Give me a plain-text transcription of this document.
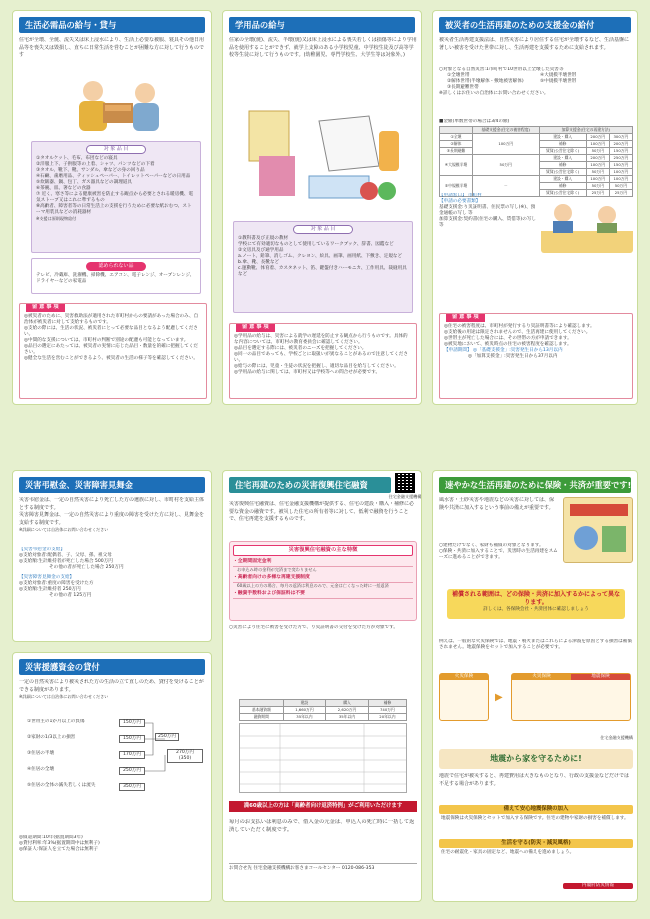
生活必需品の給与・貸与
住宅が全壊、全焼、流失又は床上浸水により、生活上必要な被服、寝具その他日用品等を喪失又は毀損し、直ちに日常生活を営むことが困難な方に対して行うものです
対 象 品 目
①タオルケット、毛布、布団などの寝具
②洋服上下、子供服等の上着、シャツ、パンツなどの下着
③タオル、靴下、靴、サンダル、傘などの身の回り品
④石鹸、歯磨用品、ティッシュペーパー、トイレットペーパーなどの日用品
⑤炊飯器、鍋、包丁、ガス器具などの調理道具
⑥茶碗、皿、箸などの食器
⑦ 近く、寒さ等による健康被害を防止する観点から必要とされる暖房機、電気ストーブ又はこれに準ずるもの
⑧高齢者、障害者等の日常生活上の支援を行うために必要な紙おむつ、ストーマ用装具などの消耗器材
※支援は原則現物給付
認められない品
テレビ、冷蔵庫、洗濯機、掃除機、エアコン、電子レンジ、オーブンレンジ、ドライヤーなどの家電品
留 意 事 項
◎被災者のために、災害救助法が適用された市町村からの要請があった場合のみ、自治体が被災者に対して支給するものです。
◎支給の際には、生活の状況、被災者にとって必要な品目となるよう配慮してください。
◎中間的な支援については、市町村の判断で別途の配慮も可能となっています。
◎品目の選定にあたっては、被災者の実情に応じた品目・数量を的確に把握してください。
◎健全な生活を営むことができるよう、被災者の生活の様子等を確認してください。
学用品の給与
住家の全壊(焼)、流失、半壊(焼)又は床上浸水による喪失若しくは損傷等により学用品を使用することができず、就学上支障のある小学校児童、中学校生徒及び高等学校等生徒に対して行うものです。(幼稚園児、専門学校生、大学生等は対象外。)
対 象 品 目
①教科書及び正規の教材
学校にて有効適切なものとして使用しているワークブック、辞書、図鑑など
②文房具及び通学用品
a.ノート、鉛筆、消しゴム、クレヨン、絵具、画筆、画用紙、下敷き、定規など
b.傘、靴、長靴など
c.運動靴、体育着、カスタネット、笛、鍵盤付きハーモニカ、工作用具、裁縫用具など
留 意 事 項
◎学用品の給与は、災害による就学の遅延を防止する観点から行うものです。具体的な内容については、市町村の教育委員会に確認してください。
◎品目を選定する際には、被災者のニーズを把握してください。
◎同一の品目であっても、学校ごとに取扱いが異なることがあるので注意してください。
◎給与の際には、児童・生徒の状況を把握し、適切な品目を給与してください。
◎学用品の給与に関しては、市町村又は学校等への問合せが必要です。
被災者の生活再建のための支援金の給付
被災者生活再建支援法は、自然災害により居住する住宅が全壊するなど、生活基盤に著しい被害を受けた世帯に対し、生活再建を支援するために支給されます。
○対象となる自然災害:1市町村で10世帯以上全壊した災害等
①全壊世帯	④大規模半壊世帯
②解体世帯(半壊解体・敷地被害解体)	⑤中規模半壊世帯
③長期避難世帯
※詳しくはお住いの自治体にお問い合わせください。
■金額(単数世帯の場合は3/4の額)
	基礎支援金(住宅の被害程度)	加算支援金(住宅の再建方法)		
①全壊	100万円	建設・購入	200万円	300万円
②解体		補修	100万円	200万円
③長期避難		賃貸(公営住宅除く)	50万円	150万円
④大規模半壊	50万円	建設・購入	200万円	250万円
		補修	100万円	150万円
		賃貸(公営住宅除く)	50万円	100万円
⑤中規模半壊	－	建設・購入	100万円	100万円
		補修	50万円	50万円
		賃貸(公営住宅除く)	25万円	25万円
【申請窓口】 市町村
【申請の必要書類】
基礎支援金:り災証明書、住民票の写し(※)、預金通帳の写し 等
加算支援金:契約書(住宅の購入、賃借等)の写し等
留 意 事 項
◎住宅の被害程度は、市町村が発行するり災証明書等により確認します。
◎支給後の用途は限定されませんので、生活再建に使用してください。
◎世帯主が死亡した場合には、その世帯の方が申請できます。
◎被災地において、被災時点の住宅の被害程度を確認します。
【申請期間】 ◎「基礎支援金」:災害発生日から13月以内
◎「加算支援金」:災害発生日から37月以内
災害弔慰金、災害障害見舞金
災害弔慰金は、一定の自然災害により死亡した方の遺族に対し、市町村を支給主体とする制度です。
災害障害見舞金は、一定の自然災害により重度の障害を受けた方に対し、見舞金を支給する制度です。
※詳細については自治体にお問い合わせください
【災害弔慰金の支給】
◎支給対象者:配偶者、子、父母、孫、祖父母
◎支給額:生計維持者が死亡した場合 500万円
その他の者が死亡した場合 250万円
【災害障害見舞金の支給】
◎支給対象者:重度の障害を受けた方
◎支給額:生計維持者 250万円
その他の者 125万円
災害援護資金の貸付
一定の自然災害により被災された方の生活の立て直しのため、貸付を受けることができる制度があります。
※詳細については自治体にお問い合わせください
①世帯主の1か月以上の負傷	150万円
②家財の1/3以上の損害	150万円
③住居の半壊	170万円
④住居の全壊	250万円
⑤住居の全体の滅失若しくは流失	350万円
250万円
270万円(350)
◎償還期間:10年(据置期間3年)
◎貸付利率:年3%(据置期間中は無利子)
◎保証人:保証人を立てた場合は無利子
住宅再建のための災害復興住宅融資
住宅金融支援機構
災害復興住宅融資は、住宅金融支援機構が提供する、住宅の建設・購入・補修に必要な資金の融資です。被災した住宅の所有者等に対して、低利で融資を行うことで、住宅再建を支援するものです。
災害復興住宅融資の主な特徴
・全期間固定金利
お申込み時の金利が完済まで変わりません
・高齢者向けの多様な再建支援制度
60歳以上の方の場合、毎月の返済は利息のみで、元金は亡くなった時に一括返済
・融資手数料および保証料は不要
○災害により住宅に被害を受けた方で、り災証明書の交付を受けた方が対象です。
	建設	購入	補修
基本融資額	1,660万円	2,620万円	740万円
融資期間	35年以内	35年以内	20年以内
満60歳以上の方は「高齢者向け返済特例」がご利用いただけます
毎月のお支払いは利息のみで、借入金の元金は、申込人の死亡時に一括して返済していただく制度です。
お問合せ先 住宅金融支援機構お客さまコールセンター 0120-086-353
速やかな生活再建のために保険・共済が重要です!
風水害・土砂災害や地震などの災害に対しては、保険や共済に加入するという事前の備えが重要です。
○建物だけでなく、家財も補償の対象となります。
○保険・共済に加入することで、災害時の生活再建をスムーズに進めることができます。
補償される範囲は、どの保険・共済に加入するかによって異なります。
詳しくは、各保険会社・共済団体に確認しましょう
例えば、一般的な火災保険では、地震・噴火またはこれらによる津波を原因とする損害は補償されません。地震保険をセットで加入することが必要です。
火災保険	火災保険	地震保険
▶
住宅金融支援機構
地震から家を守るために!
地震で住宅が被災すると、再建費用は大きなものとなり、行政の支援金などだけでは不足する場合があります。
備えて安心地震保険の加入
地震保険は火災保険とセットで加入する保険です。住宅の建物や家財の損害を補償します。
生活を守る(防災・減災風格)
住宅の耐震化・家具の固定など、地震への備えを進めましょう。
内閣府防災情報
